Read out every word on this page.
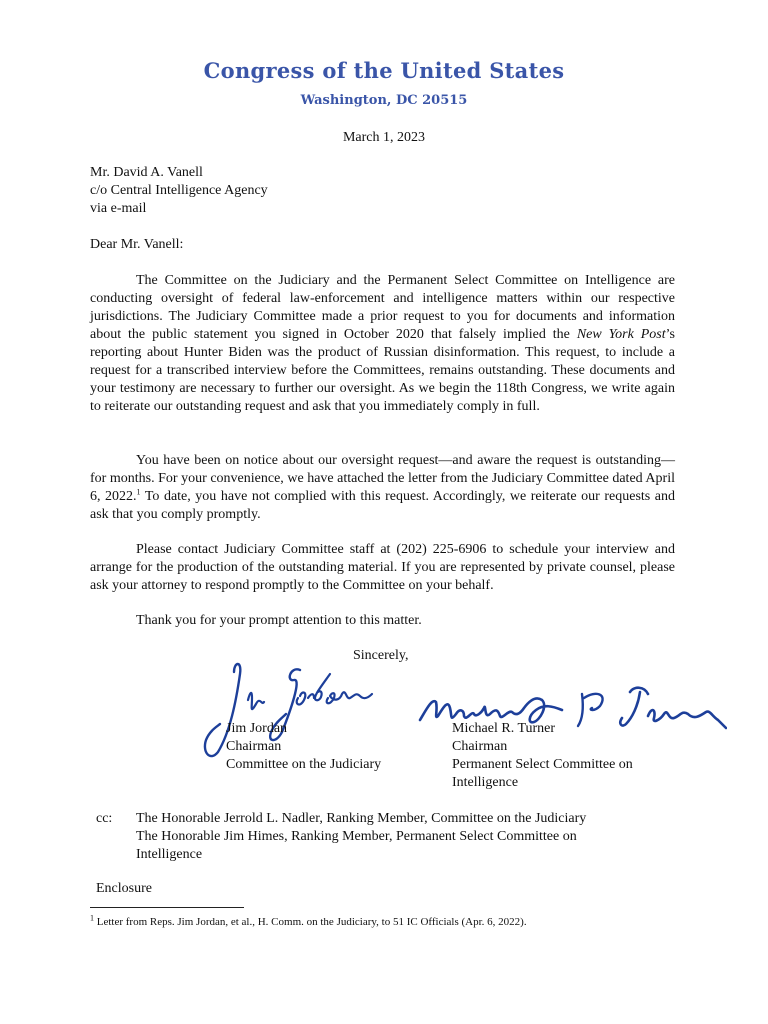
Congress of the United States
Washington, DC 20515
March 1, 2023
Mr. David A. Vanell
c/o Central Intelligence Agency
via e-mail
Dear Mr. Vanell:
The Committee on the Judiciary and the Permanent Select Committee on Intelligence are conducting oversight of federal law-enforcement and intelligence matters within our respective jurisdictions. The Judiciary Committee made a prior request to you for documents and information about the public statement you signed in October 2020 that falsely implied the New York Post’s reporting about Hunter Biden was the product of Russian disinformation. This request, to include a request for a transcribed interview before the Committees, remains outstanding. These documents and your testimony are necessary to further our oversight. As we begin the 118th Congress, we write again to reiterate our outstanding request and ask that you immediately comply in full.
You have been on notice about our oversight request—and aware the request is outstanding—for months. For your convenience, we have attached the letter from the Judiciary Committee dated April 6, 2022.$^1$ To date, you have not complied with this request. Accordingly, we reiterate our requests and ask that you comply promptly.
Please contact Judiciary Committee staff at (202) 225-6906 to schedule your interview and arrange for the production of the outstanding material. If you are represented by private counsel, please ask your attorney to respond promptly to the Committee on your behalf.
Thank you for your prompt attention to this matter.
Sincerely,
Jim Jordan
Chairman
Committee on the Judiciary
Michael R. Turner
Chairman
Permanent Select Committee on
Intelligence
cc: The Honorable Jerrold L. Nadler, Ranking Member, Committee on the Judiciary
The Honorable Jim Himes, Ranking Member, Permanent Select Committee on
Intelligence
Enclosure
$^1$ Letter from Reps. Jim Jordan, et al., H. Comm. on the Judiciary, to 51 IC Officials (Apr. 6, 2022).
